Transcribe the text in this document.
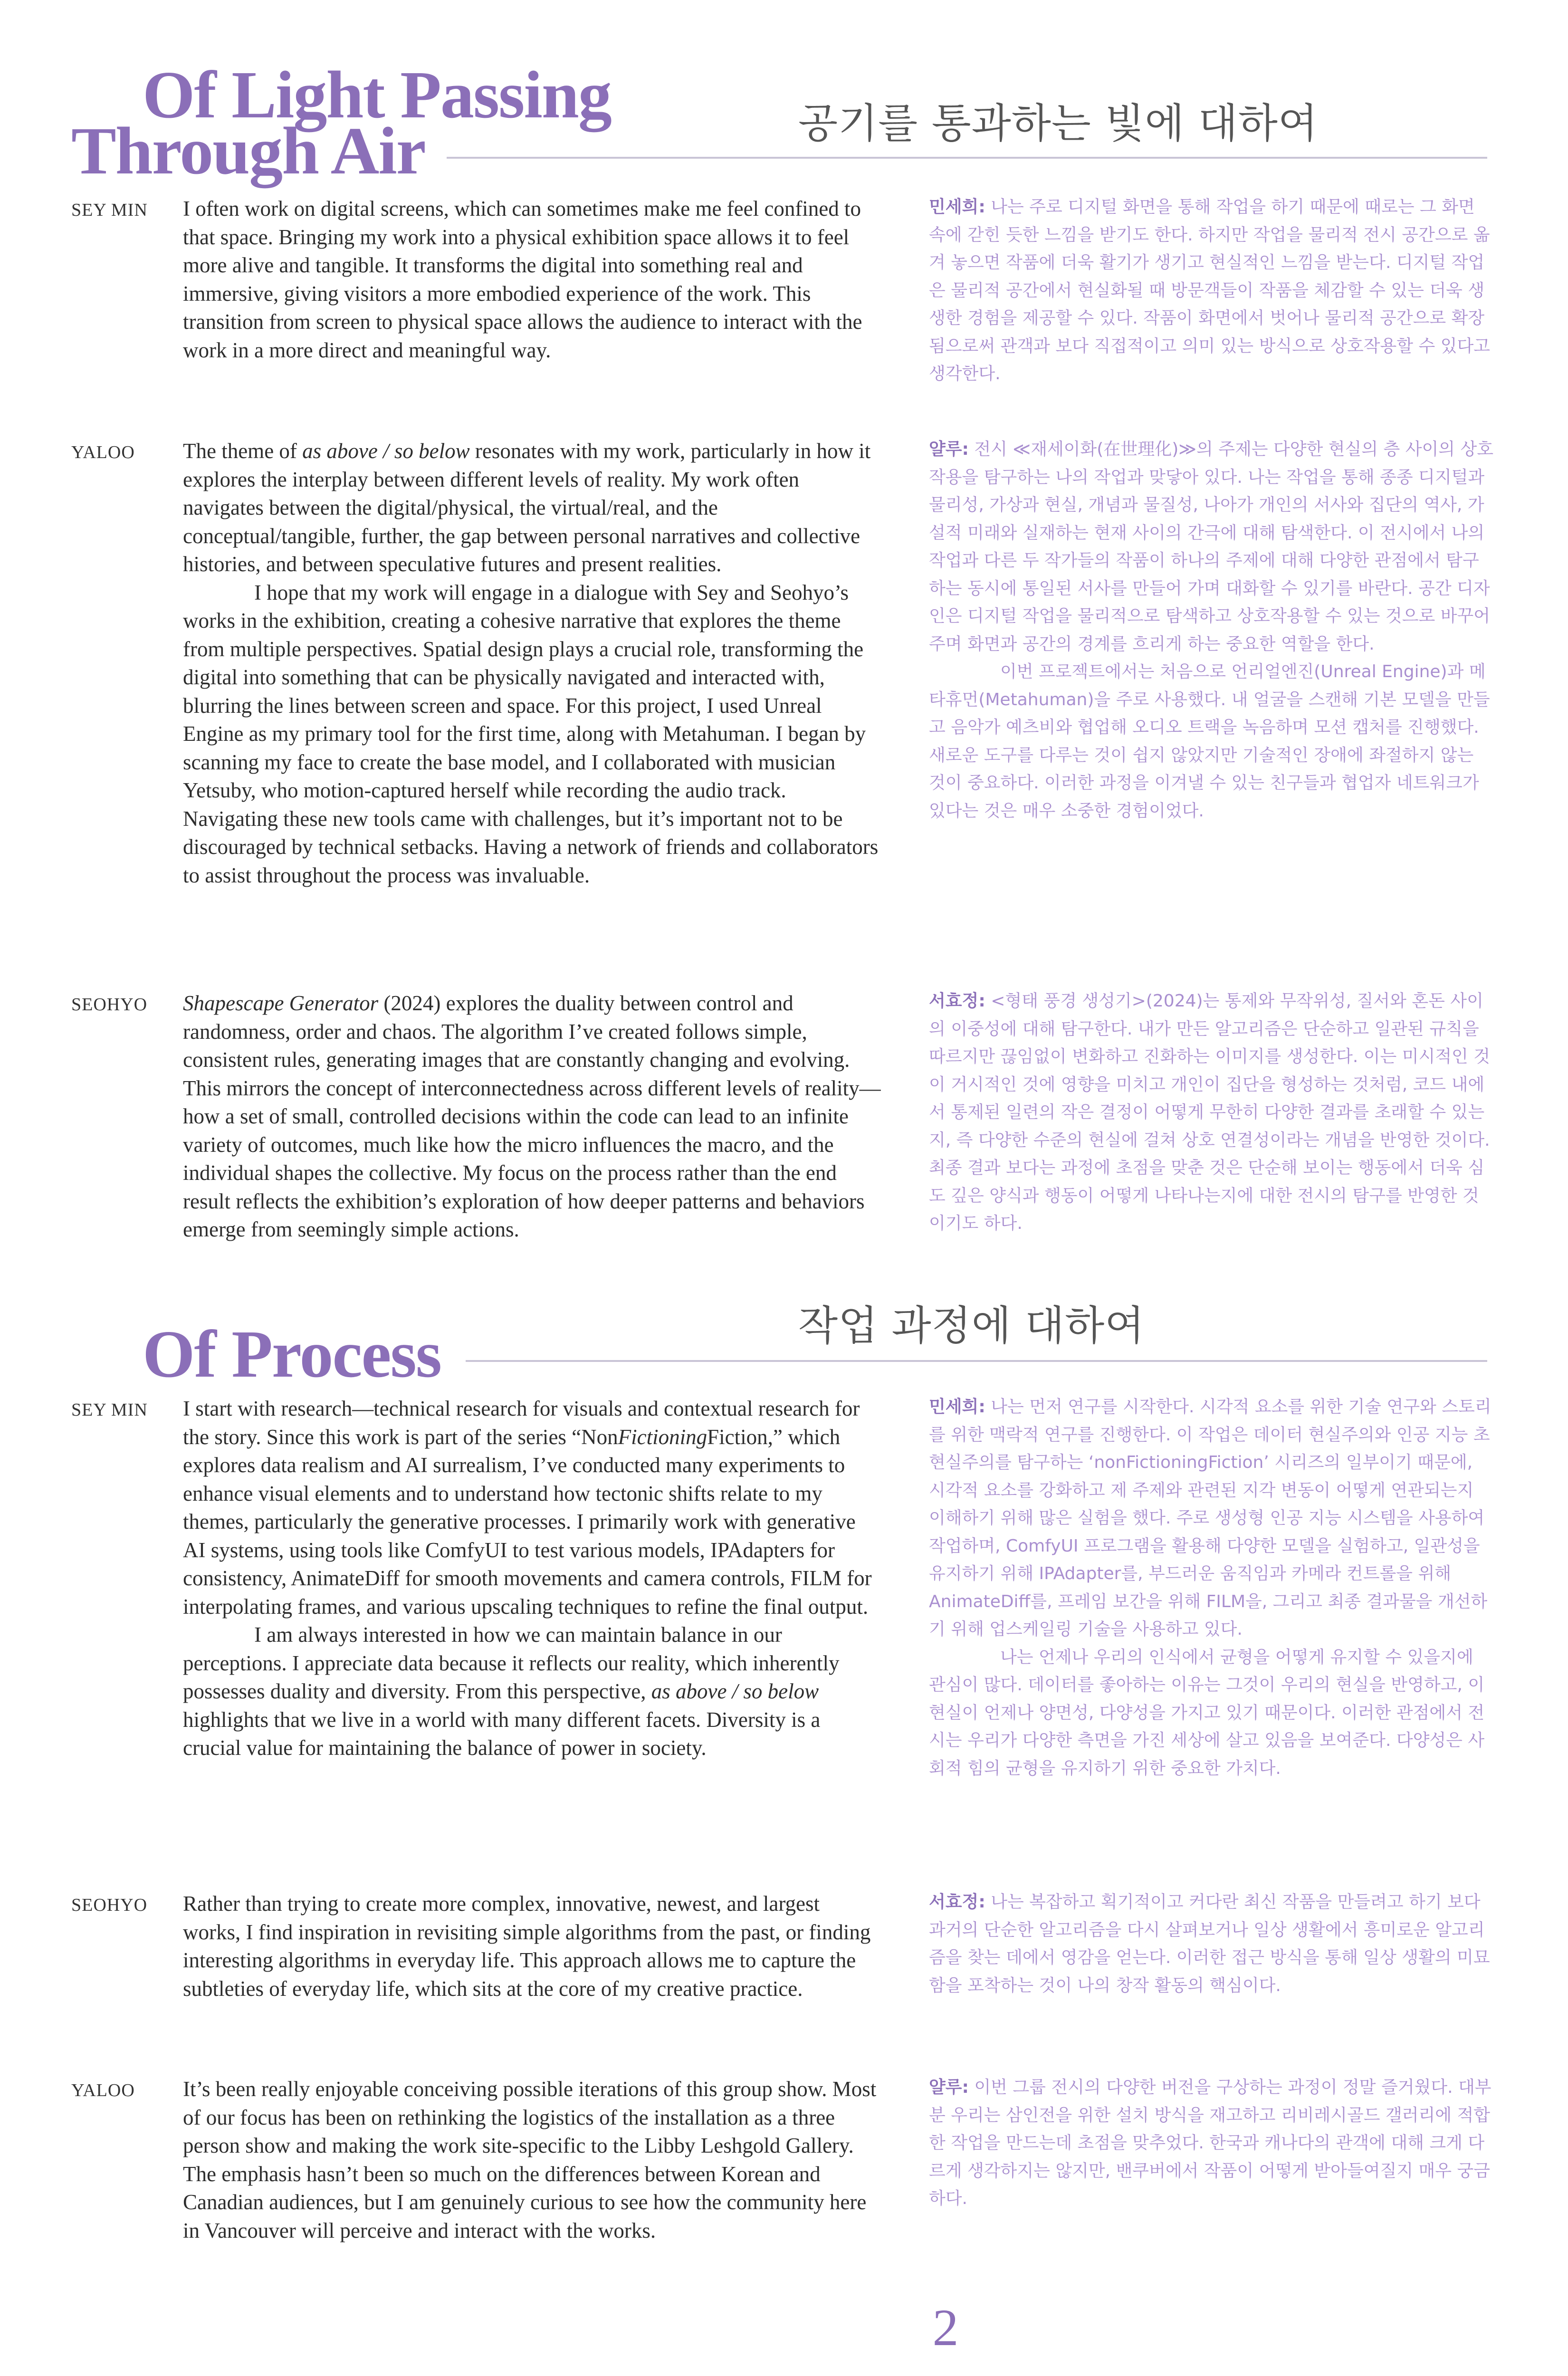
Of Light Passing
Through Air	공기를 통과하는 빛에 대하여
SEY MIN I often work on digital screens, which can sometimes make me feel confined to that space. Bringing my work into a physical exhibition space allows it to feel more alive and tangible. It transforms the digital into something real and immersive, giving visitors a more embodied experience of the work. This transition from screen to physical space allows the audience to interact with the work in a more direct and meaningful way.

민세희: 나는 주로 디지털 화면을 통해 작업을 하기 때문에 때로는 그 화면 속에 갇힌 듯한 느낌을 받기도 한다. 하지만 작업을 물리적 전시 공간으로 옮겨 놓으면 작품에 더욱 활기가 생기고 현실적인 느낌을 받는다. 디지털 작업은 물리적 공간에서 현실화될 때 방문객들이 작품을 체감할 수 있는 더욱 생생한 경험을 제공할 수 있다. 작품이 화면에서 벗어나 물리적 공간으로 확장됨으로써 관객과 보다 직접적이고 의미 있는 방식으로 상호작용할 수 있다고 생각한다.

YALOO The theme of as above / so below resonates with my work, particularly in how it explores the interplay between different levels of reality. My work often navigates between the digital/physical, the virtual/real, and the conceptual/tangible, further, the gap between personal narratives and collective histories, and between speculative futures and present realities.

I hope that my work will engage in a dialogue with Sey and Seohyo’s works in the exhibition, creating a cohesive narrative that explores the theme from multiple perspectives. Spatial design plays a crucial role, transforming the digital into something that can be physically navigated and interacted with, blurring the lines between screen and space. For this project, I used Unreal Engine as my primary tool for the first time, along with Metahuman. I began by scanning my face to create the base model, and I collaborated with musician Yetsuby, who motion-captured herself while recording the audio track. Navigating these new tools came with challenges, but it’s important not to be discouraged by technical setbacks. Having a network of friends and collaborators to assist throughout the process was invaluable.

얄루: 전시 ≪재세이화(在世理化)≫의 주제는 다양한 현실의 층 사이의 상호작용을 탐구하는 나의 작업과 맞닿아 있다. 나는 작업을 통해 종종 디지털과 물리성, 가상과 현실, 개념과 물질성, 나아가 개인의 서사와 집단의 역사, 가설적 미래와 실재하는 현재 사이의 간극에 대해 탐색한다. 이 전시에서 나의 작업과 다른 두 작가들의 작품이 하나의 주제에 대해 다양한 관점에서 탐구하는 동시에 통일된 서사를 만들어 가며 대화할 수 있기를 바란다. 공간 디자인은 디지털 작업을 물리적으로 탐색하고 상호작용할 수 있는 것으로 바꾸어 주며 화면과 공간의 경계를 흐리게 하는 중요한 역할을 한다.

이번 프로젝트에서는 처음으로 언리얼엔진(Unreal Engine)과 메타휴먼(Metahuman)을 주로 사용했다. 내 얼굴을 스캔해 기본 모델을 만들고 음악가 예츠비와 협업해 오디오 트랙을 녹음하며 모션 캡처를 진행했다. 새로운 도구를 다루는 것이 쉽지 않았지만 기술적인 장애에 좌절하지 않는 것이 중요하다. 이러한 과정을 이겨낼 수 있는 친구들과 협업자 네트워크가 있다는 것은 매우 소중한 경험이었다.

SEOHYO Shapescape Generator (2024) explores the duality between control and randomness, order and chaos. The algorithm I’ve created follows simple, consistent rules, generating images that are constantly changing and evolving. This mirrors the concept of interconnectedness across different levels of reality—how a set of small, controlled decisions within the code can lead to an infinite variety of outcomes, much like how the micro influences the macro, and the individual shapes the collective. My focus on the process rather than the end result reflects the exhibition’s exploration of how deeper patterns and behaviors emerge from seemingly simple actions.

서효정: <형태 풍경 생성기>(2024)는 통제와 무작위성, 질서와 혼돈 사이의 이중성에 대해 탐구한다. 내가 만든 알고리즘은 단순하고 일관된 규칙을 따르지만 끊임없이 변화하고 진화하는 이미지를 생성한다. 이는 미시적인 것이 거시적인 것에 영향을 미치고 개인이 집단을 형성하는 것처럼, 코드 내에서 통제된 일련의 작은 결정이 어떻게 무한히 다양한 결과를 초래할 수 있는지, 즉 다양한 수준의 현실에 걸쳐 상호 연결성이라는 개념을 반영한 것이다. 최종 결과 보다는 과정에 초점을 맞춘 것은 단순해 보이는 행동에서 더욱 심도 깊은 양식과 행동이 어떻게 나타나는지에 대한 전시의 탐구를 반영한 것이기도 하다.

Of Process	작업 과정에 대하여
SEY MIN I start with research—technical research for visuals and contextual research for the story. Since this work is part of the series “NonFictioningFiction,” which explores data realism and AI surrealism, I’ve conducted many experiments to enhance visual elements and to understand how tectonic shifts relate to my themes, particularly the generative processes. I primarily work with generative AI systems, using tools like ComfyUI to test various models, IPAdapters for consistency, AnimateDiff for smooth movements and camera controls, FILM for interpolating frames, and various upscaling techniques to refine the final output.

I am always interested in how we can maintain balance in our perceptions. I appreciate data because it reflects our reality, which inherently possesses duality and diversity. From this perspective, as above / so below highlights that we live in a world with many different facets. Diversity is a crucial value for maintaining the balance of power in society.

민세희: 나는 먼저 연구를 시작한다. 시각적 요소를 위한 기술 연구와 스토리를 위한 맥락적 연구를 진행한다. 이 작업은 데이터 현실주의와 인공 지능 초현실주의를 탐구하는 ‘nonFictioningFiction’ 시리즈의 일부이기 때문에, 시각적 요소를 강화하고 제 주제와 관련된 지각 변동이 어떻게 연관되는지 이해하기 위해 많은 실험을 했다. 주로 생성형 인공 지능 시스템을 사용하여 작업하며, ComfyUI 프로그램을 활용해 다양한 모델을 실험하고, 일관성을 유지하기 위해 IPAdapter를, 부드러운 움직임과 카메라 컨트롤을 위해 AnimateDiff를, 프레임 보간을 위해 FILM을, 그리고 최종 결과물을 개선하기 위해 업스케일링 기술을 사용하고 있다.

나는 언제나 우리의 인식에서 균형을 어떻게 유지할 수 있을지에 관심이 많다. 데이터를 좋아하는 이유는 그것이 우리의 현실을 반영하고, 이 현실이 언제나 양면성, 다양성을 가지고 있기 때문이다. 이러한 관점에서 전시는 우리가 다양한 측면을 가진 세상에 살고 있음을 보여준다. 다양성은 사회적 힘의 균형을 유지하기 위한 중요한 가치다.

SEOHYO Rather than trying to create more complex, innovative, newest, and largest works, I find inspiration in revisiting simple algorithms from the past, or finding interesting algorithms in everyday life. This approach allows me to capture the subtleties of everyday life, which sits at the core of my creative practice.

서효정: 나는 복잡하고 획기적이고 커다란 최신 작품을 만들려고 하기 보다 과거의 단순한 알고리즘을 다시 살펴보거나 일상 생활에서 흥미로운 알고리즘을 찾는 데에서 영감을 얻는다. 이러한 접근 방식을 통해 일상 생활의 미묘함을 포착하는 것이 나의 창작 활동의 핵심이다.

YALOO It’s been really enjoyable conceiving possible iterations of this group show. Most of our focus has been on rethinking the logistics of the installation as a three person show and making the work site-specific to the Libby Leshgold Gallery. The emphasis hasn’t been so much on the differences between Korean and Canadian audiences, but I am genuinely curious to see how the community here in Vancouver will perceive and interact with the works.

얄루: 이번 그룹 전시의 다양한 버전을 구상하는 과정이 정말 즐거웠다. 대부분 우리는 삼인전을 위한 설치 방식을 재고하고 리비레시골드 갤러리에 적합한 작업을 만드는데 초점을 맞추었다. 한국과 캐나다의 관객에 대해 크게 다르게 생각하지는 않지만, 밴쿠버에서 작품이 어떻게 받아들여질지 매우 궁금하다.

2
